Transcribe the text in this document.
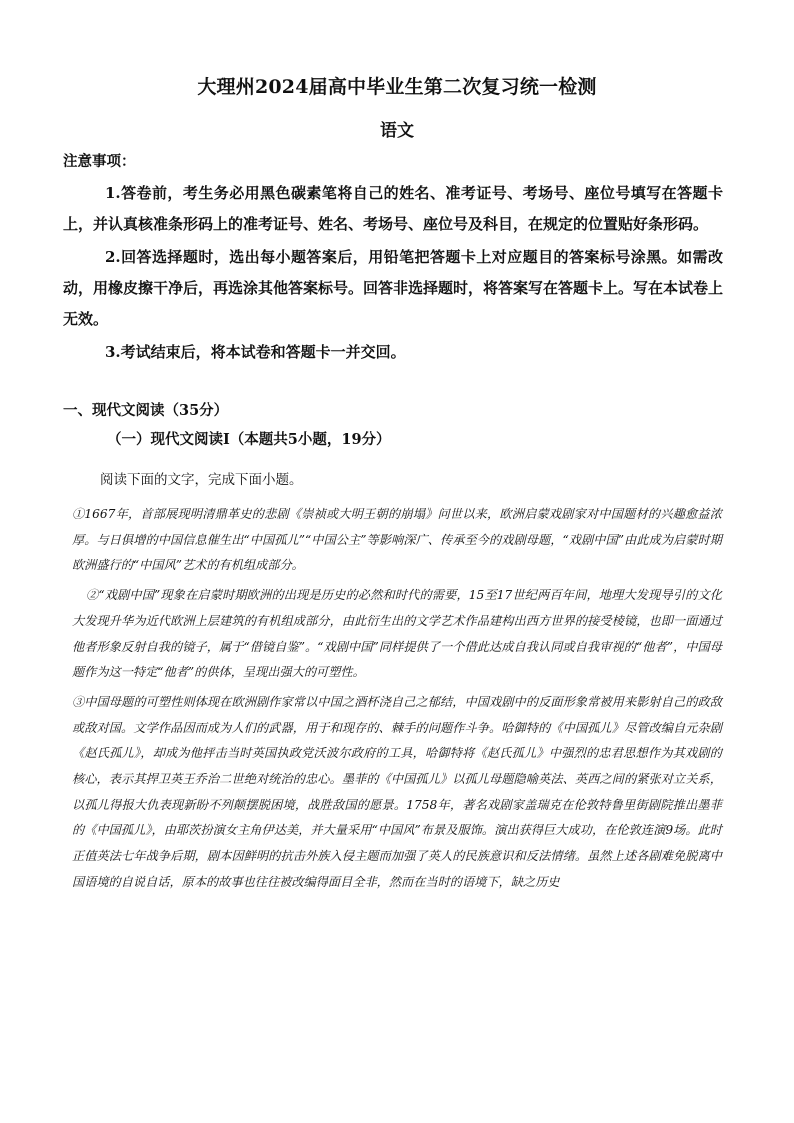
大理州2024届高中毕业生第二次复习统一检测
语文
注意事项：

1.答卷前，考生务必用黑色碳素笔将自己的姓名、准考证号、考场号、座位号填写在答题卡上，并认真核准条形码上的准考证号、姓名、考场号、座位号及科目，在规定的位置贴好条形码。

2.回答选择题时，选出每小题答案后，用铅笔把答题卡上对应题目的答案标号涂黑。如需改动，用橡皮擦干净后，再选涂其他答案标号。回答非选择题时，将答案写在答题卡上。写在本试卷上无效。

3.考试结束后，将本试卷和答题卡一并交回。

一、现代文阅读（35分）
（一）现代文阅读Ⅰ（本题共5小题，19分）
阅读下面的文字，完成下面小题。

①1667年，首部展现明清鼎革史的悲剧《崇祯或大明王朝的崩塌》问世以来，欧洲启蒙戏剧家对中国题材的兴趣愈益浓厚。与日俱增的中国信息催生出“中国孤儿”“中国公主”等影响深广、传承至今的戏剧母题，“戏剧中国”由此成为启蒙时期欧洲盛行的“中国风”艺术的有机组成部分。

②“戏剧中国”现象在启蒙时期欧洲的出现是历史的必然和时代的需要，15至17世纪两百年间，地理大发现导引的文化大发现升华为近代欧洲上层建筑的有机组成部分，由此衍生出的文学艺术作品建构出西方世界的接受棱镜，也即一面通过他者形象反射自我的镜子，属于“借镜自鉴”。“戏剧中国”同样提供了一个借此达成自我认同或自我审视的“他者”，中国母题作为这一特定“他者”的供体，呈现出强大的可塑性。

③中国母题的可塑性则体现在欧洲剧作家常以中国之酒杯浇自己之郁结，中国戏剧中的反面形象常被用来影射自己的政敌或敌对国。文学作品因而成为人们的武器，用于和现存的、棘手的问题作斗争。哈御特的《中国孤儿》尽管改编自元杂剧《赵氏孤儿》，却成为他抨击当时英国执政党沃波尔政府的工具，哈御特将《赵氏孤儿》中强烈的忠君思想作为其戏剧的核心，表示其捍卫英王乔治二世绝对统治的忠心。墨菲的《中国孤儿》以孤儿母题隐喻英法、英西之间的紧张对立关系，以孤儿得报大仇表现新盼不列颠摆脱困境，战胜敌国的愿景。1758年，著名戏剧家盖瑞克在伦敦特鲁里街剧院推出墨菲的《中国孤儿》，由耶茨扮演女主角伊达美，并大量采用“中国风”布景及服饰。演出获得巨大成功，在伦敦连演9场。此时正值英法七年战争后期，剧本因鲜明的抗击外族入侵主题而加强了英人的民族意识和反法情绪。虽然上述各剧难免脱离中国语境的自说自话，原本的故事也往往被改编得面目全非，然而在当时的语境下，缺之历史
